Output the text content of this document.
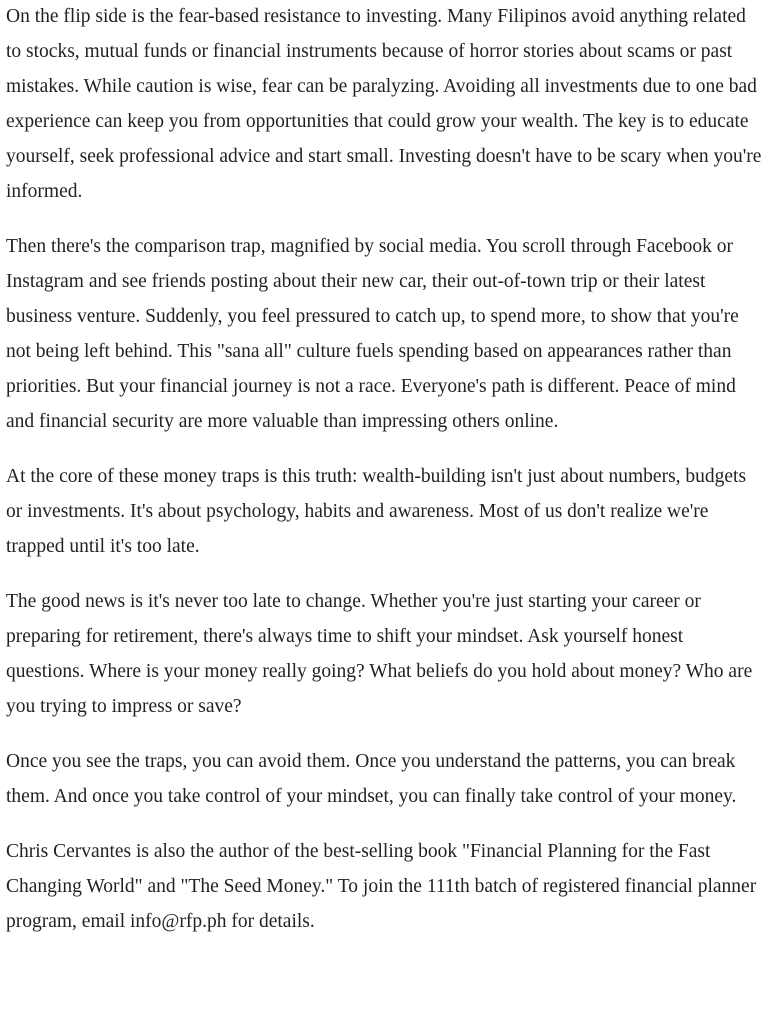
On the flip side is the fear-based resistance to investing. Many Filipinos avoid anything related to stocks, mutual funds or financial instruments because of horror stories about scams or past mistakes. While caution is wise, fear can be paralyzing. Avoiding all investments due to one bad experience can keep you from opportunities that could grow your wealth. The key is to educate yourself, seek professional advice and start small. Investing doesn't have to be scary when you're informed.

Then there's the comparison trap, magnified by social media. You scroll through Facebook or Instagram and see friends posting about their new car, their out-of-town trip or their latest business venture. Suddenly, you feel pressured to catch up, to spend more, to show that you're not being left behind. This "sana all" culture fuels spending based on appearances rather than priorities. But your financial journey is not a race. Everyone's path is different. Peace of mind and financial security are more valuable than impressing others online.

At the core of these money traps is this truth: wealth-building isn't just about numbers, budgets or investments. It's about psychology, habits and awareness. Most of us don't realize we're trapped until it's too late.

The good news is it's never too late to change. Whether you're just starting your career or preparing for retirement, there's always time to shift your mindset. Ask yourself honest questions. Where is your money really going? What beliefs do you hold about money? Who are you trying to impress or save?

Once you see the traps, you can avoid them. Once you understand the patterns, you can break them. And once you take control of your mindset, you can finally take control of your money.

Chris Cervantes is also the author of the best-selling book "Financial Planning for the Fast Changing World" and "The Seed Money." To join the 111th batch of registered financial planner program, email info@rfp.ph for details.
